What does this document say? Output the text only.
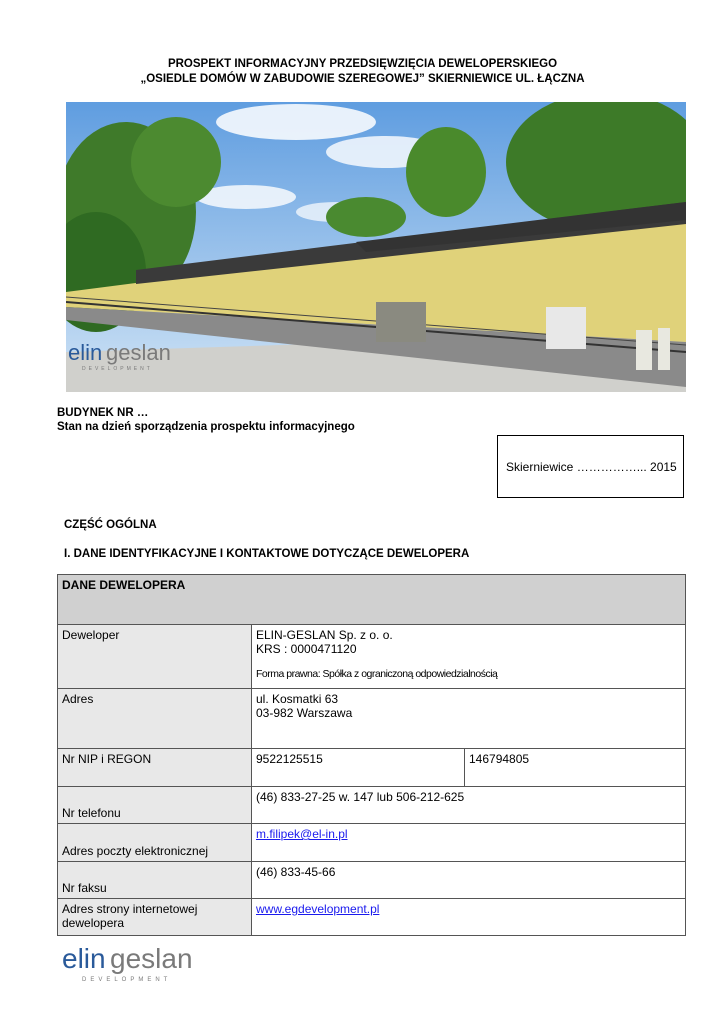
PROSPEKT INFORMACYJNY PRZEDSIĘWZIĘCIA DEWELOPERSKIEGO
„OSIEDLE DOMÓW W ZABUDOWIE SZEREGOWEJ” SKIERNIEWICE UL. ŁĄCZNA
elin geslan
DEVELOPMENT
BUDYNEK NR …
Stan na dzień sporządzenia prospektu informacyjnego
Skierniewice ……………... 2015
CZĘŚĆ OGÓLNA
I. DANE IDENTYFIKACYJNE I KONTAKTOWE DOTYCZĄCE DEWELOPERA
DANE DEWELOPERA		
Deweloper	ELIN-GESLAN Sp. z o. o.
KRS : 0000471120
Forma prawna: Spółka z ograniczoną odpowiedzialnością	

Adres	ul. Kosmatki 63
03-982 Warszawa	

Nr NIP i REGON	9522125515	146794805
Nr telefonu	(46) 833-27-25 w. 147 lub 506-212-625	
Adres poczty elektronicznej	m.filipek@el-in.pl	
Nr faksu	(46) 833-45-66	
Adres strony internetowej dewelopera	www.egdevelopment.pl	
elin geslan
DEVELOPMENT
